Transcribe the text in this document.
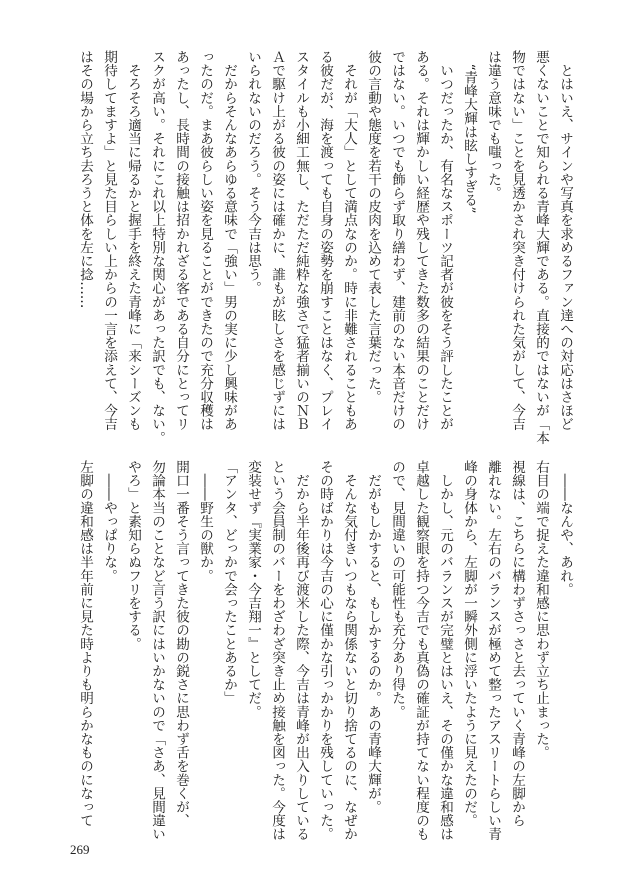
　とはいえ、サインや写真を求めるファン達への対応はさほど
悪くないことで知られる青峰大輝である。直接的ではないが「本
物ではない」ことを見透かされ突き付けられた気がして、今吉
は違う意味でも嗤った。
　“青峰大輝は眩しすぎる”
　いつだったか、有名なスポーツ記者が彼をそう評したことが
ある。それは輝かしい経歴や残してきた数多の結果のことだけ
ではない。いつでも飾らず取り繕わず、建前のない本音だけの
彼の言動や態度を若干の皮肉を込めて表した言葉だった。
　それが「大人」として満点なのか。時に非難されることもあ
る彼だが、海を渡っても自身の姿勢を崩すことはなく、プレイ
スタイルも小細工無し、ただただ純粋な強さで猛者揃いのＮＢ
Ａで駆け上がる彼の姿には確かに、誰もが眩しさを感じずには
いられないのだろう。そう今吉は思う。
　だからそんなあらゆる意味で「強い」男の実に少し興味があ
ったのだ。まあ彼らしい姿を見ることができたので充分収穫は
あったし、長時間の接触は招かれざる客である自分にとってリ
スクが高い。それにこれ以上特別な関心があった訳でも、ない。
　そろそろ適当に帰るかと握手を終えた青峰に「来シーズンも
期待してますよ」と見た目らしい上からの一言を添えて、今吉
はその場から立ち去ろうと体を左に捻……
　――なんや、あれ。
右目の端で捉えた違和感に思わず立ち止まった。
視線は、こちらに構わずさっさと去っていく青峰の左脚から
離れない。左右のバランスが極めて整ったアスリートらしい青
峰の身体から、左脚が一瞬外側に浮いたように見えたのだ。
　しかし、元のバランスが完璧とはいえ、その僅かな違和感は
卓越した観察眼を持つ今吉でも真偽の確証が持てない程度のも
ので、見間違いの可能性も充分あり得た。
　だがもしかすると、もしかするのか。あの青峰大輝が。
　そんな気付きいつもなら関係ないと切り捨てるのに、なぜか
その時ばかりは今吉の心に僅かな引っかかりを残していった。
　だから半年後再び渡米した際、今吉は青峰が出入りしている
という会員制のバーをわざわざ突き止め接触を図った。今度は
変装せず『実業家・今吉翔一』としてだ。
「アンタ、どっかで会ったことあるか」
　――野生の獣か。
開口一番そう言ってきた彼の勘の鋭さに思わず舌を巻くが、
勿論本当のことなど言う訳にはいかないので「さあ、見間違い
やろ」と素知らぬフリをする。
　――やっぱりな。
左脚の違和感は半年前に見た時よりも明らかなものになって
269
